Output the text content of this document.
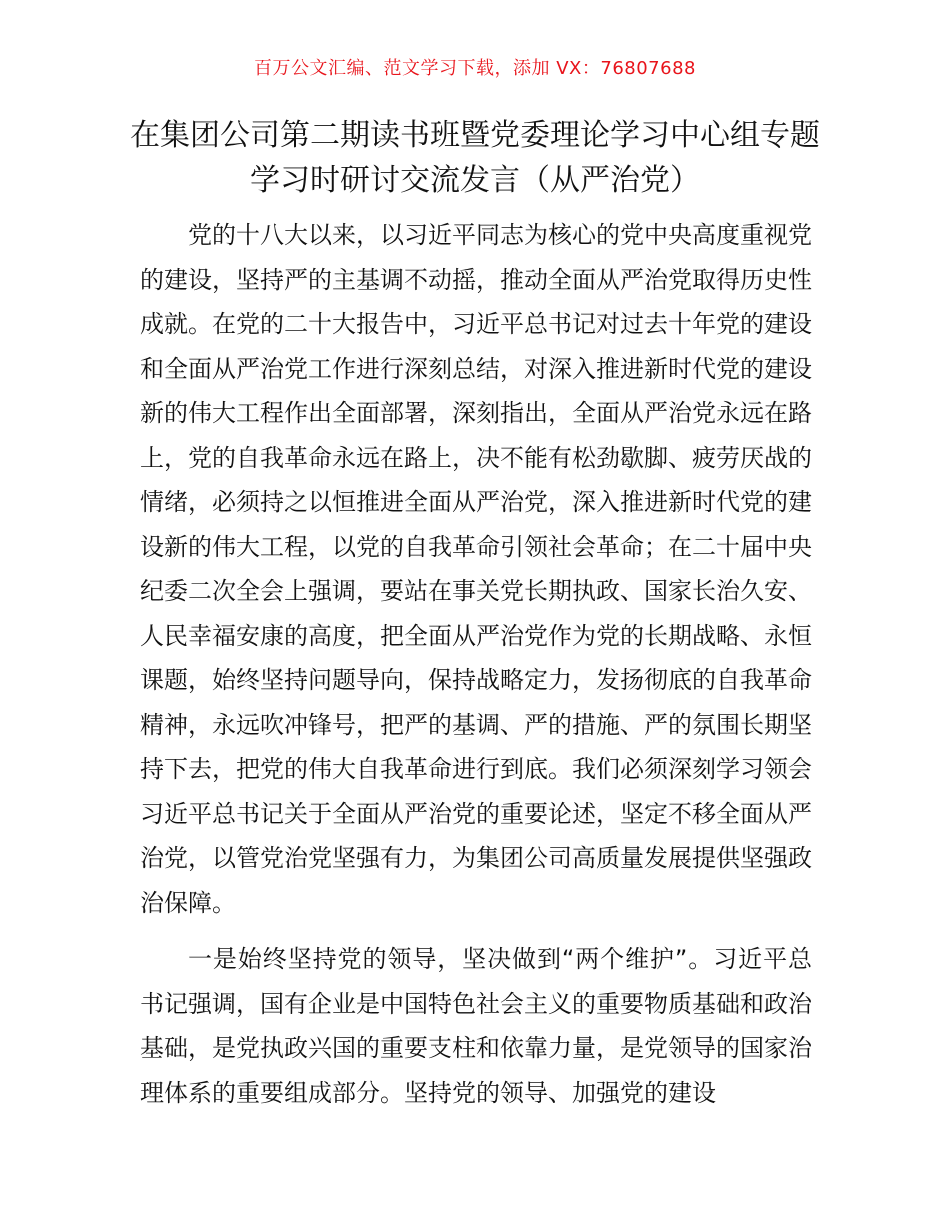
百万公文汇编、范文学习下载，添加 VX：76807688
在集团公司第二期读书班暨党委理论学习中心组专题学习时研讨交流发言（从严治党）

党的十八大以来，以习近平同志为核心的党中央高度重视党的建设，坚持严的主基调不动摇，推动全面从严治党取得历史性成就。在党的二十大报告中，习近平总书记对过去十年党的建设和全面从严治党工作进行深刻总结，对深入推进新时代党的建设新的伟大工程作出全面部署，深刻指出，全面从严治党永远在路上，党的自我革命永远在路上，决不能有松劲歇脚、疲劳厌战的情绪，必须持之以恒推进全面从严治党，深入推进新时代党的建设新的伟大工程，以党的自我革命引领社会革命；在二十届中央纪委二次全会上强调，要站在事关党长期执政、国家长治久安、人民幸福安康的高度，把全面从严治党作为党的长期战略、永恒课题，始终坚持问题导向，保持战略定力，发扬彻底的自我革命精神，永远吹冲锋号，把严的基调、严的措施、严的氛围长期坚持下去，把党的伟大自我革命进行到底。我们必须深刻学习领会习近平总书记关于全面从严治党的重要论述，坚定不移全面从严治党，以管党治党坚强有力，为集团公司高质量发展提供坚强政治保障。

一是始终坚持党的领导，坚决做到“两个维护”。习近平总书记强调，国有企业是中国特色社会主义的重要物质基础和政治基础，是党执政兴国的重要支柱和依靠力量，是党领导的国家治理体系的重要组成部分。坚持党的领导、加强党的建设
